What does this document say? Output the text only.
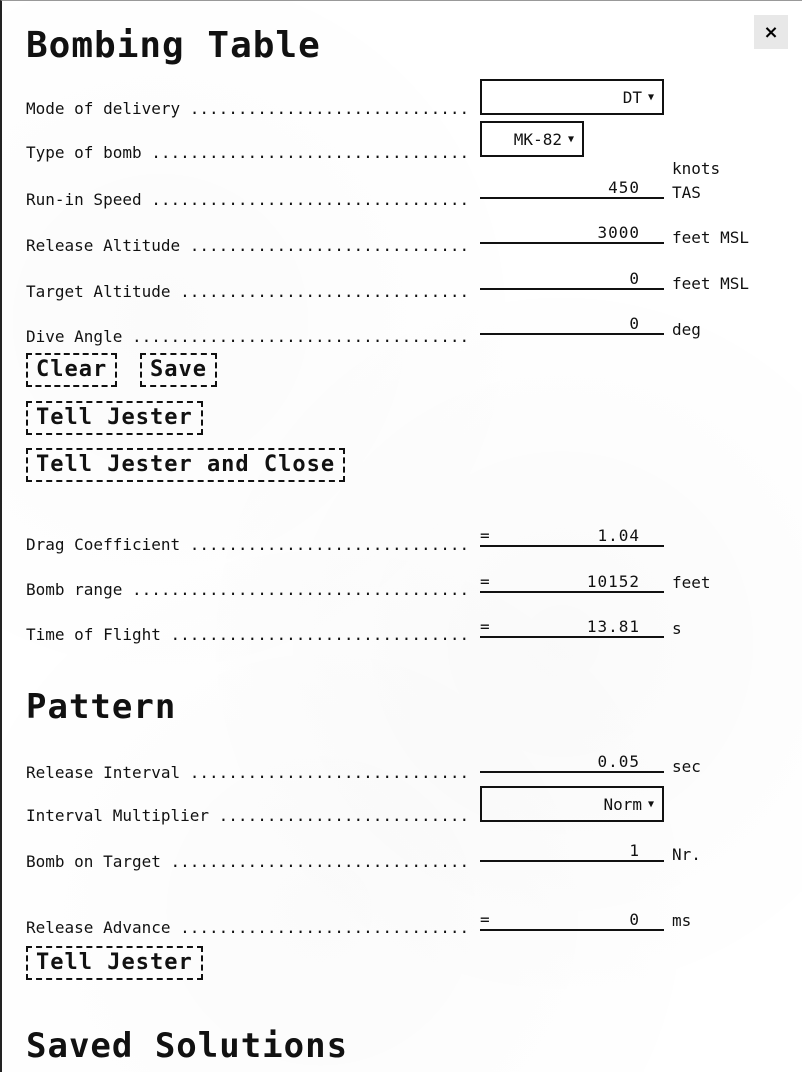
Bombing Table	×
Mode of delivery .....
DT ▼
Type of bomb .....
MK-82 ▼
Run-in Speed .....
450
knots
TAS
Release Altitude .....
3000	feet MSL
Target Altitude .....
0	feet MSL
Dive Angle .....
0	deg
Clear	Save
Tell Jester
Tell Jester and Close
Drag Coefficient .....	=	1.04
Bomb range .....	=	10152	feet
Time of Flight .....	=	13.81	s
Pattern
Release Interval .....
0.05	sec
Interval Multiplier .....
Norm ▼
Bomb on Target .....
1	Nr.
Release Advance .....	=	0	ms
Tell Jester
Saved Solutions
